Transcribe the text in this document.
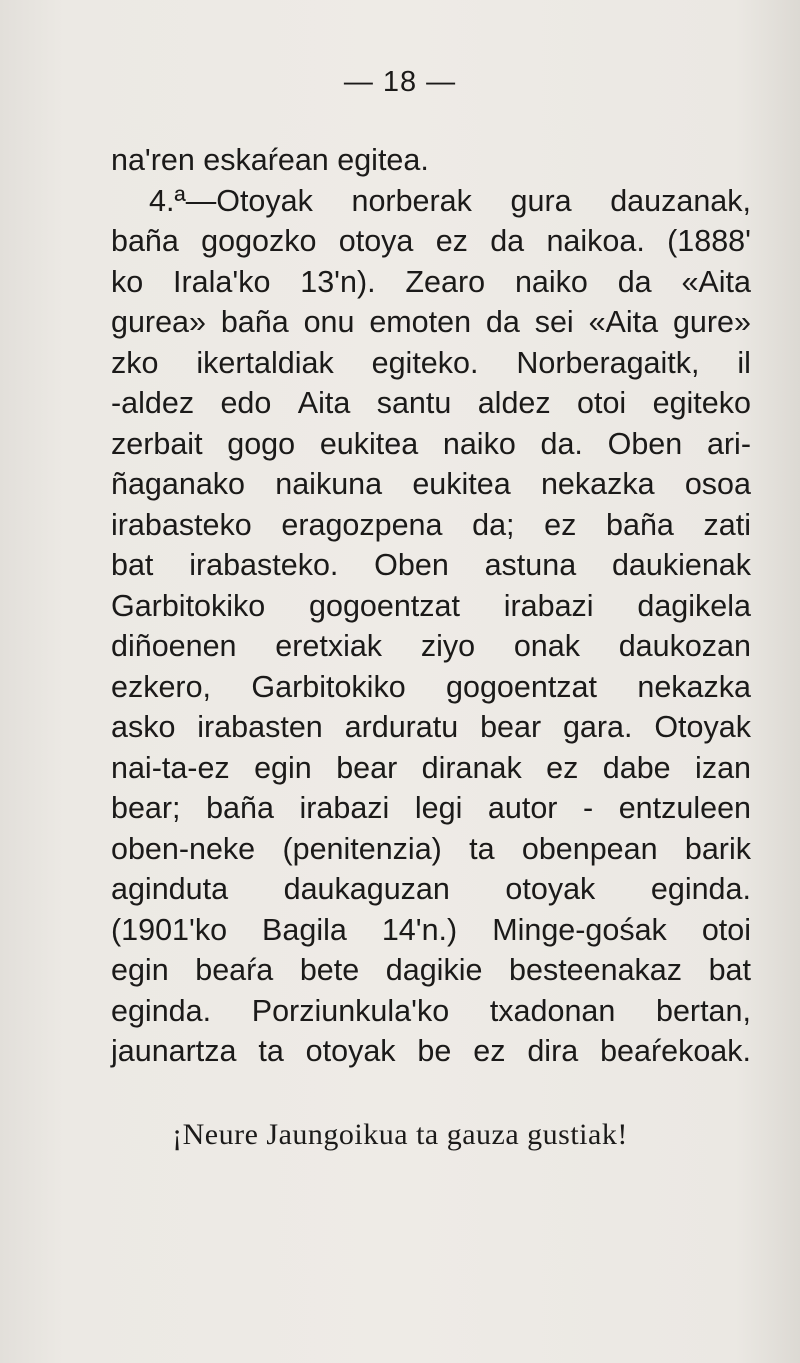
— 18 —
na'ren eskaŕean egitea.
4.ª—Otoyak norberak gura dauzanak,
baña gogozko otoya ez da naikoa. (1888'
ko Irala'ko 13'n). Zearo naiko da «Aita
gurea» baña onu emoten da sei «Aita gure»
zko ikertaldiak egiteko. Norberagaitk, il
-aldez edo Aita santu aldez otoi egiteko
zerbait gogo eukitea naiko da. Oben ari-
ñaganako naikuna eukitea nekazka osoa
irabasteko eragozpena da; ez baña zati
bat irabasteko. Oben astuna daukienak
Garbitokiko gogoentzat irabazi dagikela
diñoenen eretxiak ziyo onak daukozan
ezkero, Garbitokiko gogoentzat nekazka
asko irabasten arduratu bear gara. Otoyak
nai-ta-ez egin bear diranak ez dabe izan
bear; baña irabazi legi autor - entzuleen
oben-neke (penitenzia) ta obenpean barik
aginduta daukaguzan otoyak eginda.
(1901'ko Bagila 14'n.) Minge-gośak otoi
egin beaŕa bete dagikie besteenakaz bat
eginda. Porziunkula'ko txadonan bertan,
jaunartza ta otoyak be ez dira beaŕekoak.
¡Neure Jaungoikua ta gauza gustiak!
